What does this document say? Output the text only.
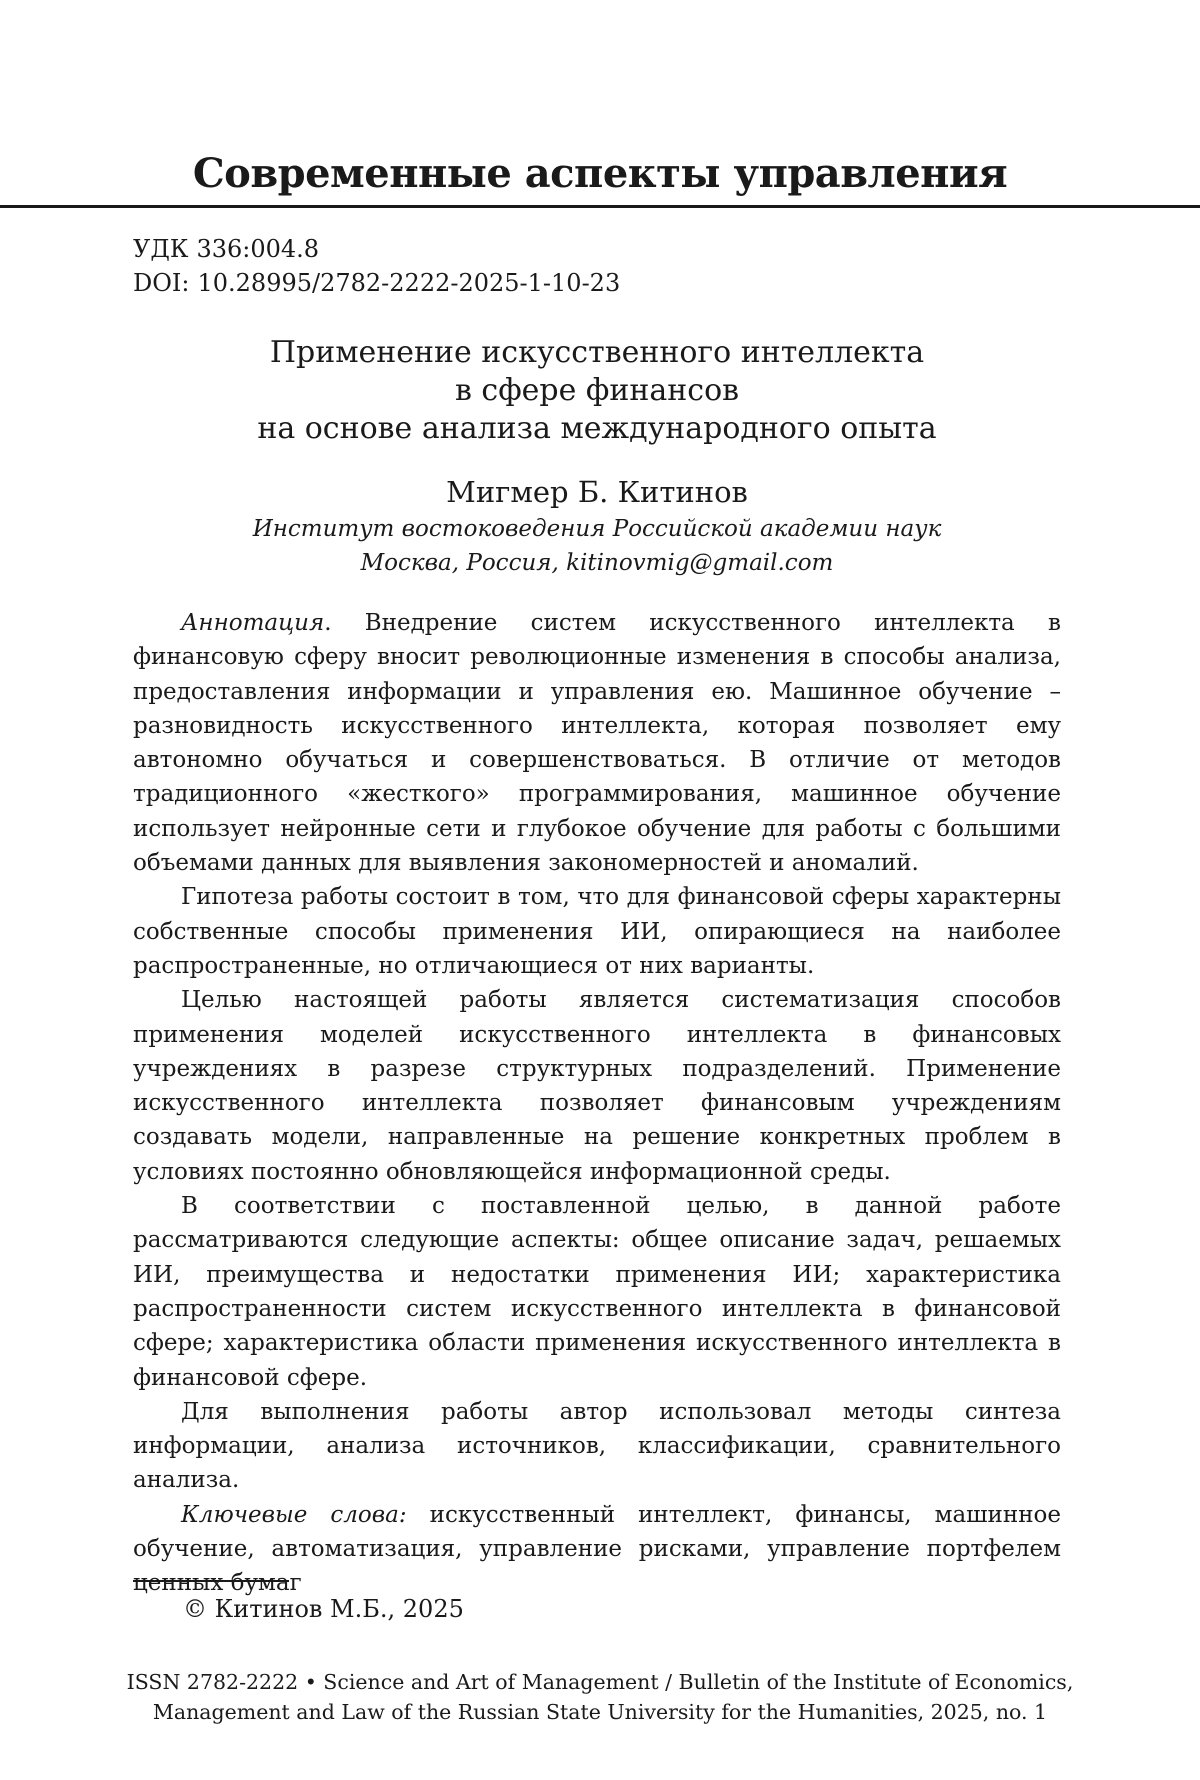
Современные аспекты управления
УДК 336:004.8
DOI: 10.28995/2782-2222-2025-1-10-23
Применение искусственного интеллекта
в сфере финансов
на основе анализа международного опыта
Мигмер Б. Китинов
Институт востоковедения Российской академии наук
Москва, Россия, kitinovmig@gmail.com

Аннотация. Внедрение систем искусственного интеллекта в финансовую сферу вносит революционные изменения в способы анализа, предоставления информации и управления ею. Машинное обучение – разновидность искусственного интеллекта, которая позволяет ему автономно обучаться и совершенствоваться. В отличие от методов традиционного «жесткого» программирования, машинное обучение использует нейронные сети и глубокое обучение для работы с большими объемами данных для выявления закономерностей и аномалий.

Гипотеза работы состоит в том, что для финансовой сферы характерны собственные способы применения ИИ, опирающиеся на наиболее распространенные, но отличающиеся от них варианты.

Целью настоящей работы является систематизация способов применения моделей искусственного интеллекта в финансовых учреждениях в разрезе структурных подразделений. Применение искусственного интеллекта позволяет финансовым учреждениям создавать модели, направленные на решение конкретных проблем в условиях постоянно обновляющейся информационной среды.

В соответствии с поставленной целью, в данной работе рассматриваются следующие аспекты: общее описание задач, решаемых ИИ, преимущества и недостатки применения ИИ; характеристика распространенности систем искусственного интеллекта в финансовой сфере; характеристика области применения искусственного интеллекта в финансовой сфере.

Для выполнения работы автор использовал методы синтеза информации, анализа источников, классификации, сравнительного анализа.

Ключевые слова: искусственный интеллект, финансы, машинное обучение, автоматизация, управление рисками, управление портфелем ценных бумаг

© Китинов М.Б., 2025
ISSN 2782-2222 • Science and Art of Management / Bulletin of the Institute of Economics,
Management and Law of the Russian State University for the Humanities, 2025, no. 1
